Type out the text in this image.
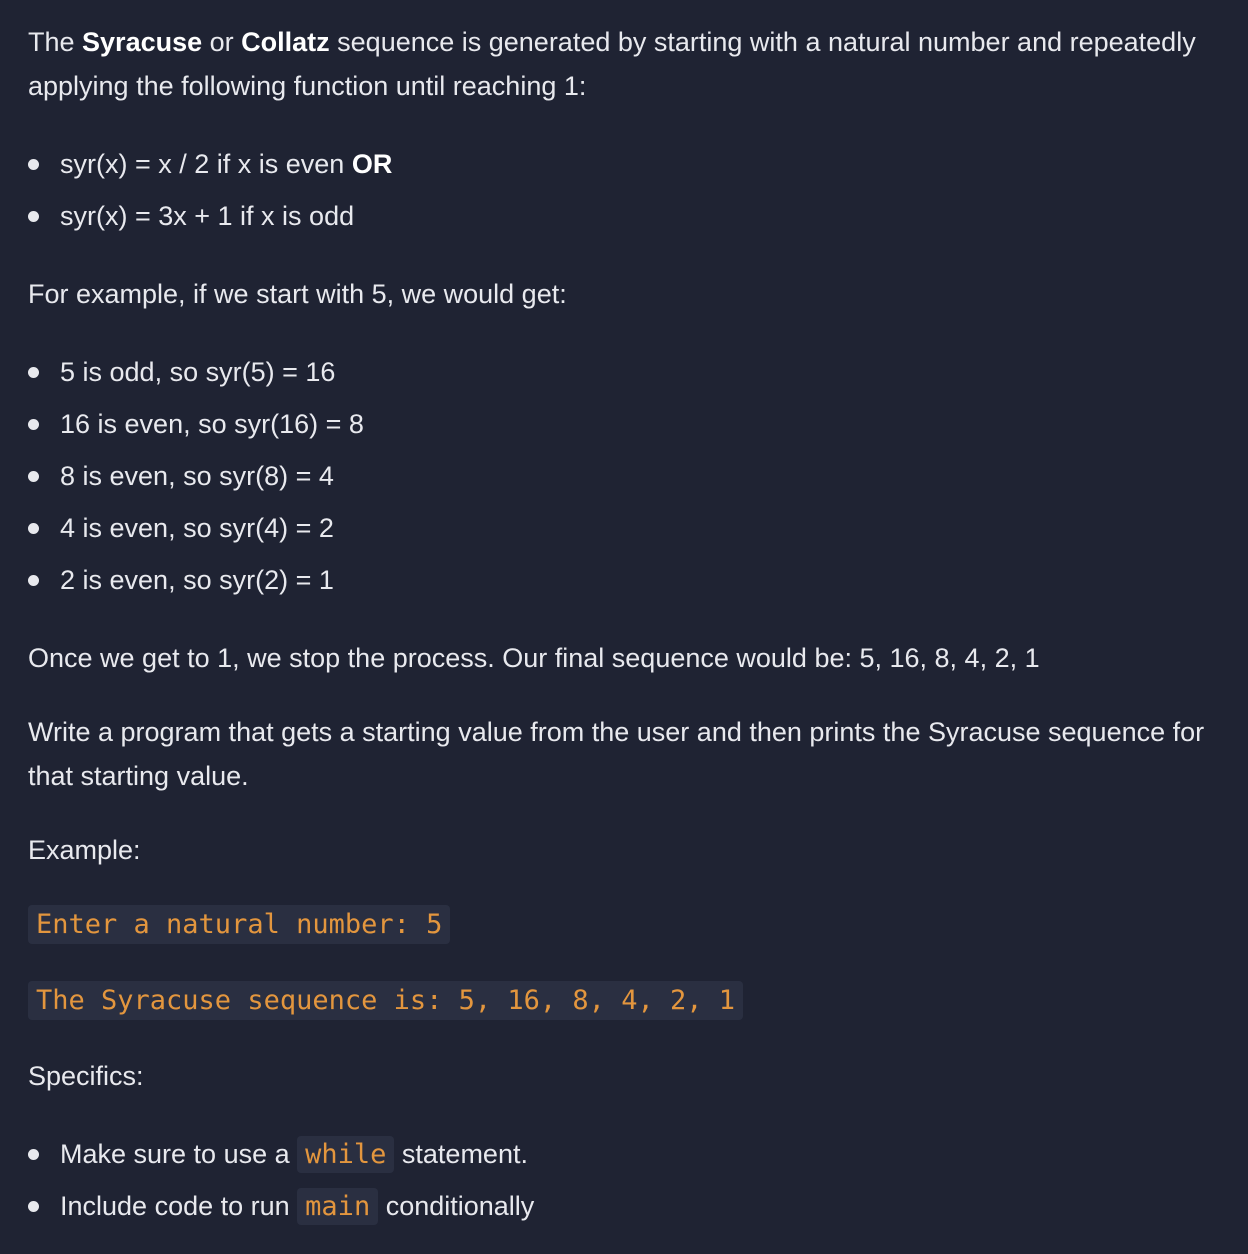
The Syracuse or Collatz sequence is generated by starting with a natural number and repeatedly applying the following function until reaching 1:

syr(x) = x / 2 if x is even OR
syr(x) = 3x + 1 if x is odd

For example, if we start with 5, we would get:

5 is odd, so syr(5) = 16
16 is even, so syr(16) = 8
8 is even, so syr(8) = 4
4 is even, so syr(4) = 2
2 is even, so syr(2) = 1

Once we get to 1, we stop the process. Our final sequence would be: 5, 16, 8, 4, 2, 1

Write a program that gets a starting value from the user and then prints the Syracuse sequence for that starting value.

Example:

Enter a natural number: 5
The Syracuse sequence is: 5, 16, 8, 4, 2, 1

Specifics:

Make sure to use a while statement.
Include code to run main conditionally
